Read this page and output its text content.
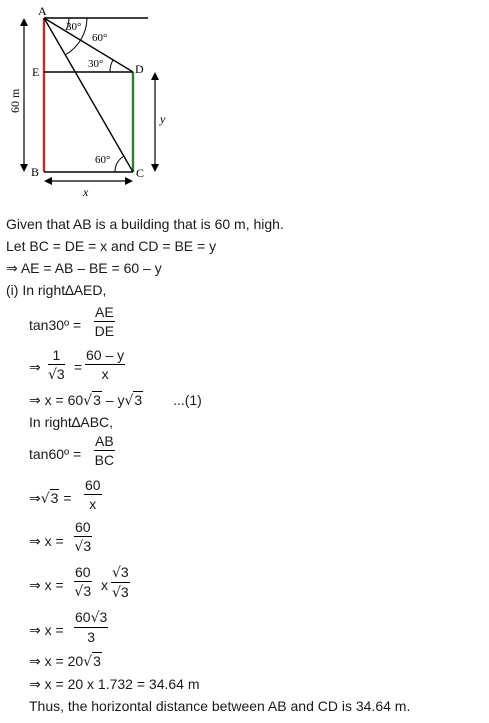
60 m
y
x
A
E
B	C
D
30°
60°
30°
60°
Given that AB is a building that is 60 m, high.
Let BC = DE = x and CD = BE = y
⇒ AE = AB – BE = 60 – y
(i) In right∆AED,
tan30º = $\frac{AE}{DE}$
⇒ $\frac{1}{√3} = \frac{60 - y}{x}$
⇒ x = 60√3 – y√3 ...(1)
In right∆ABC,
tan60º = $\frac{AB}{BC}$
⇒√3 = $\frac{60}{x}$
⇒ $x = \frac{60}{√3}$
⇒ $x = \frac{60}{√3}$ x $\frac{√3}{√3}$
⇒ $x = \frac{60√3}{3}$
⇒ x = 20√3
⇒ x = 20 x 1.732 = 34.64 m
Thus, the horizontal distance between AB and CD is 34.64 m.
